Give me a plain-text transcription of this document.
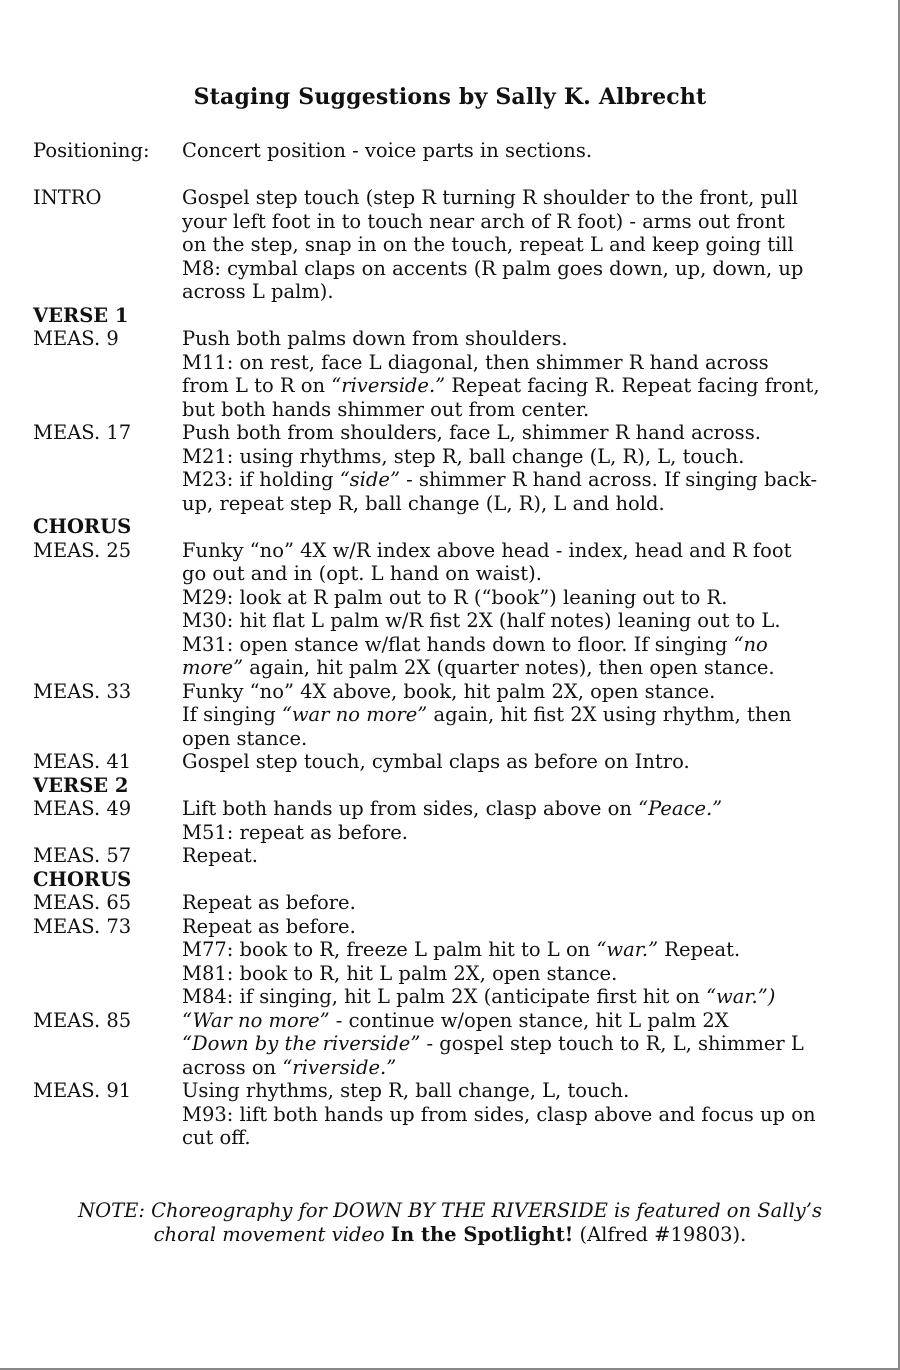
Staging Suggestions by Sally K. Albrecht
Positioning:	Concert position - voice parts in sections.
INTRO	Gospel step touch (step R turning R shoulder to the front, pull
your left foot in to touch near arch of R foot) - arms out front
on the step, snap in on the touch, repeat L and keep going till
M8: cymbal claps on accents (R palm goes down, up, down, up
across L palm).
VERSE 1
MEAS. 9	Push both palms down from shoulders.
M11: on rest, face L diagonal, then shimmer R hand across
from L to R on “riverside.” Repeat facing R. Repeat facing front,
but both hands shimmer out from center.
MEAS. 17	Push both from shoulders, face L, shimmer R hand across.
M21: using rhythms, step R, ball change (L, R), L, touch.
M23: if holding “side” - shimmer R hand across. If singing back-
up, repeat step R, ball change (L, R), L and hold.
CHORUS
MEAS. 25	Funky “no” 4X w/R index above head - index, head and R foot
go out and in (opt. L hand on waist).
M29: look at R palm out to R (“book”) leaning out to R.
M30: hit flat L palm w/R fist 2X (half notes) leaning out to L.
M31: open stance w/flat hands down to floor. If singing “no
more” again, hit palm 2X (quarter notes), then open stance.
MEAS. 33	Funky “no” 4X above, book, hit palm 2X, open stance.
If singing “war no more” again, hit fist 2X using rhythm, then
open stance.
MEAS. 41	Gospel step touch, cymbal claps as before on Intro.
VERSE 2
MEAS. 49	Lift both hands up from sides, clasp above on “Peace.”
M51: repeat as before.
MEAS. 57	Repeat.
CHORUS
MEAS. 65	Repeat as before.
MEAS. 73	Repeat as before.
M77: book to R, freeze L palm hit to L on “war.” Repeat.
M81: book to R, hit L palm 2X, open stance.
M84: if singing, hit L palm 2X (anticipate first hit on “war.”)
MEAS. 85	“War no more” - continue w/open stance, hit L palm 2X
“Down by the riverside” - gospel step touch to R, L, shimmer L
across on “riverside.”
MEAS. 91	Using rhythms, step R, ball change, L, touch.
M93: lift both hands up from sides, clasp above and focus up on
cut off.
NOTE: Choreography for DOWN BY THE RIVERSIDE is featured on Sally’s
choral movement video In the Spotlight! (Alfred #19803).
